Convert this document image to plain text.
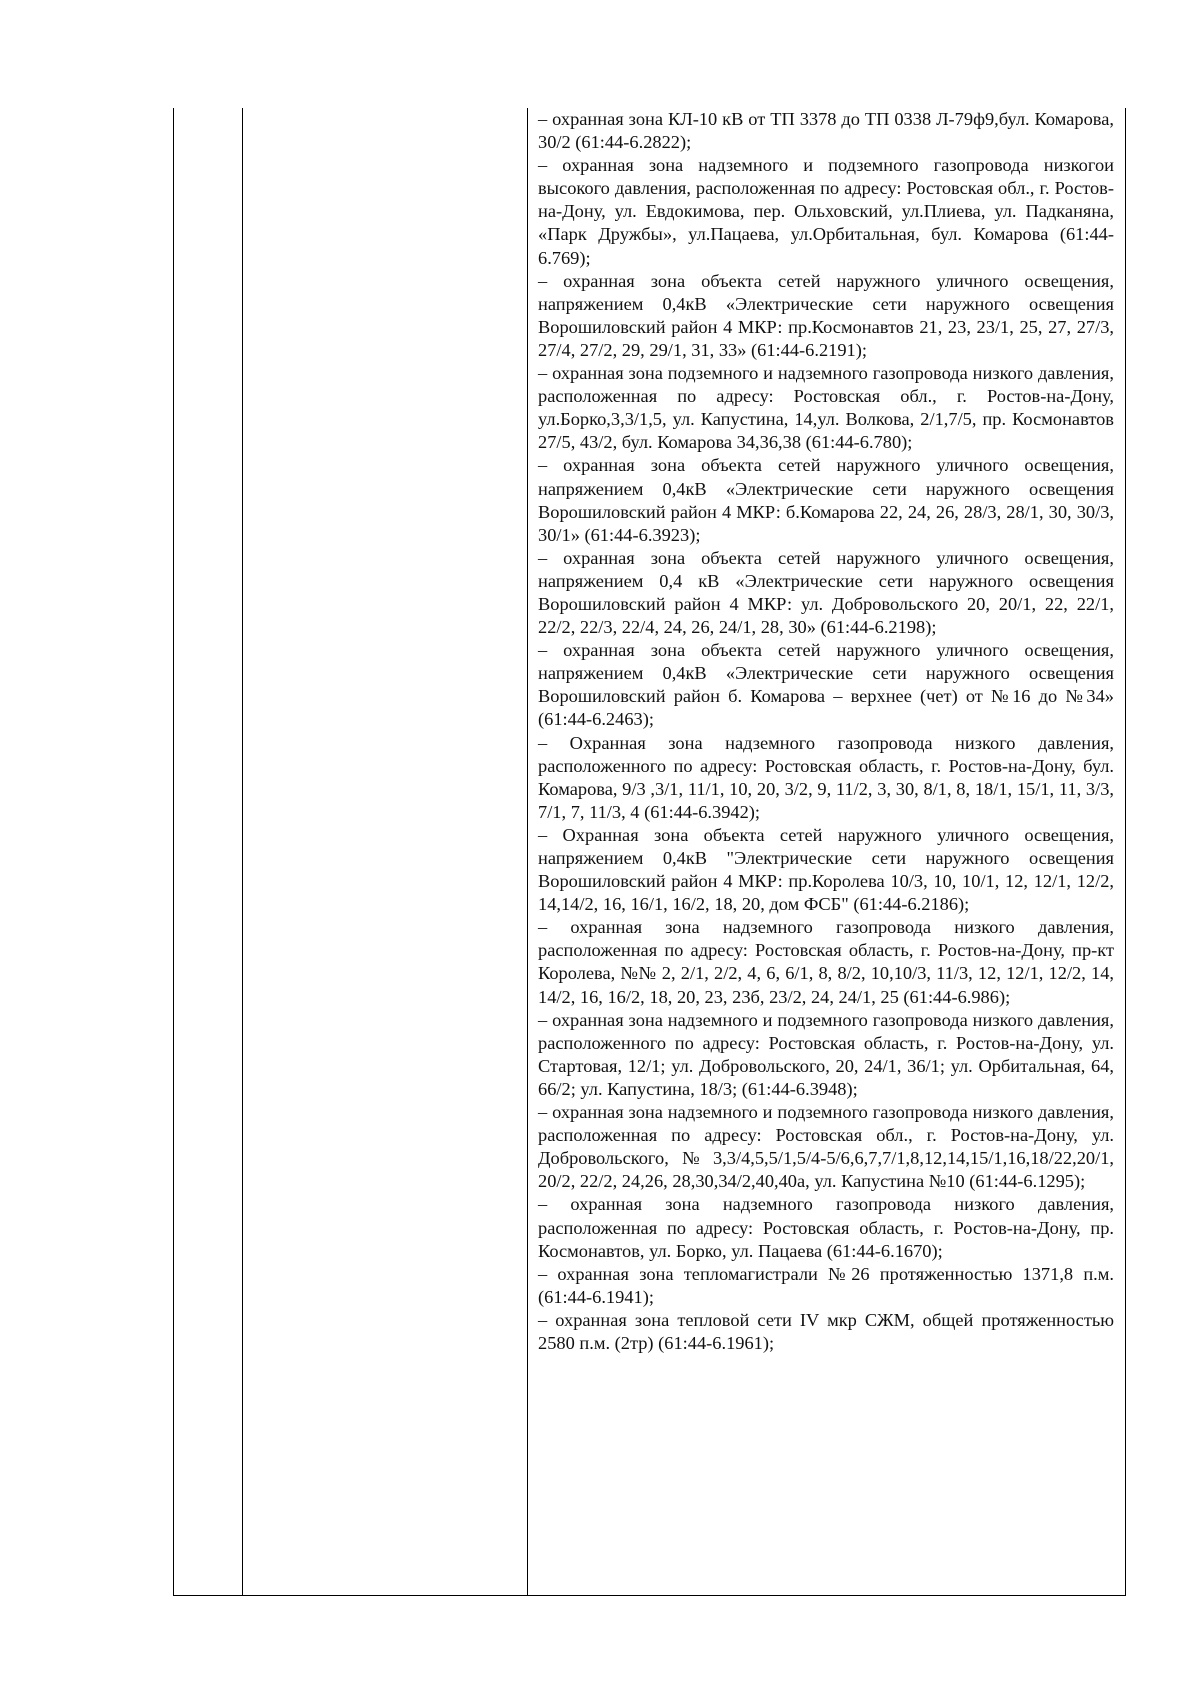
– охранная зона КЛ-10 кВ от ТП 3378 до ТП 0338 Л-79ф9,бул. Комарова, 30/2 (61:44-6.2822);

– охранная зона надземного и подземного газопровода низкогои высокого давления, расположенная по адресу: Ростовская обл., г. Ростов-на-Дону, ул. Евдокимова, пер. Ольховский, ул.Плиева, ул. Падканяна, «Парк Дружбы», ул.Пацаева, ул.Орбитальная, бул. Комарова (61:44-6.769);

– охранная зона объекта сетей наружного уличного освещения, напряжением 0,4кВ «Электрические сети наружного освещения Ворошиловский район 4 МКР: пр.Космонавтов 21, 23, 23/1, 25, 27, 27/3, 27/4, 27/2, 29, 29/1, 31, 33» (61:44-6.2191);

– охранная зона подземного и надземного газопровода низкого давления, расположенная по адресу: Ростовская обл., г. Ростов-на-Дону, ул.Борко,3,3/1,5, ул. Капустина, 14,ул. Волкова, 2/1,7/5, пр. Космонавтов 27/5, 43/2, бул. Комарова 34,36,38 (61:44-6.780);

– охранная зона объекта сетей наружного уличного освещения, напряжением 0,4кВ «Электрические сети наружного освещения Ворошиловский район 4 МКР: б.Комарова 22, 24, 26, 28/3, 28/1, 30, 30/3, 30/1» (61:44-6.3923);

– охранная зона объекта сетей наружного уличного освещения, напряжением 0,4 кВ «Электрические сети наружного освещения Ворошиловский район 4 МКР: ул. Добровольского 20, 20/1, 22, 22/1, 22/2, 22/3, 22/4, 24, 26, 24/1, 28, 30» (61:44-6.2198);

– охранная зона объекта сетей наружного уличного освещения, напряжением 0,4кВ «Электрические сети наружного освещения Ворошиловский район б. Комарова – верхнее (чет) от №16 до №34» (61:44-6.2463);

– Охранная зона надземного газопровода низкого давления, расположенного по адресу: Ростовская область, г. Ростов-на-Дону, бул. Комарова, 9/3 ,3/1, 11/1, 10, 20, 3/2, 9, 11/2, 3, 30, 8/1, 8, 18/1, 15/1, 11, 3/3, 7/1, 7, 11/3, 4 (61:44-6.3942);

– Охранная зона объекта сетей наружного уличного освещения, напряжением 0,4кВ "Электрические сети наружного освещения Ворошиловский район 4 МКР: пр.Королева 10/3, 10, 10/1, 12, 12/1, 12/2, 14,14/2, 16, 16/1, 16/2, 18, 20, дом ФСБ" (61:44-6.2186);

– охранная зона надземного газопровода низкого давления, расположенная по адресу: Ростовская область, г. Ростов-на-Дону, пр-кт Королева, №№ 2, 2/1, 2/2, 4, 6, 6/1, 8, 8/2, 10,10/3, 11/3, 12, 12/1, 12/2, 14, 14/2, 16, 16/2, 18, 20, 23, 23б, 23/2, 24, 24/1, 25 (61:44-6.986);

– охранная зона надземного и подземного газопровода низкого давления, расположенного по адресу: Ростовская область, г. Ростов-на-Дону, ул. Стартовая, 12/1; ул. Добровольского, 20, 24/1, 36/1; ул. Орбитальная, 64, 66/2; ул. Капустина, 18/3; (61:44-6.3948);

– охранная зона надземного и подземного газопровода низкого давления, расположенная по адресу: Ростовская обл., г. Ростов-на-Дону, ул. Добровольского,№3,3/4,5,5/1,5/4-5/6,6,7,7/1,8,12,14,15/1,16,18/22,20/1, 20/2, 22/2, 24,26, 28,30,34/2,40,40а, ул. Капустина №10 (61:44-6.1295);

– охранная зона надземного газопровода низкого давления, расположенная по адресу: Ростовская область, г. Ростов-на-Дону, пр. Космонавтов, ул. Борко, ул. Пацаева (61:44-6.1670);

– охранная зона тепломагистрали №26 протяженностью 1371,8 п.м. (61:44-6.1941);

– охранная зона тепловой сети IV мкр СЖМ, общей протяженностью 2580 п.м. (2тр) (61:44-6.1961);
